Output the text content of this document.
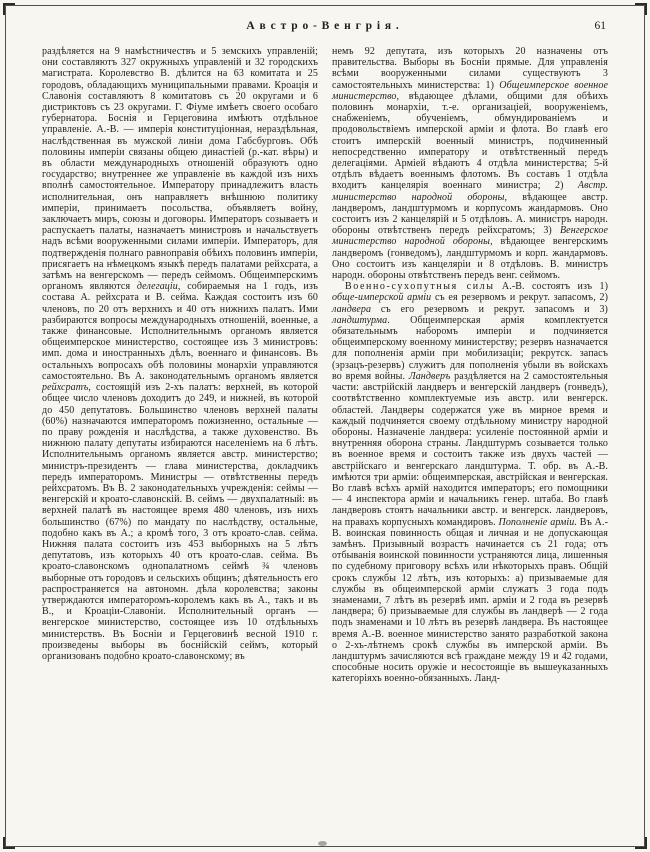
Австро-Венгрія.	61

раздѣляется на 9 намѣстничествъ и 5 земскихъ управленій; они составляютъ 327 окружныхъ управленій и 32 городскихъ магистрата. Королевство В. дѣлится на 63 комитата и 25 городовъ, обладающихъ муниципальными правами. Кроація и Славонія составляютъ 8 комитатовъ съ 20 округами и 6 дистриктовъ съ 23 округами. Г. Фіуме имѣетъ своего особаго губернатора. Боснія и Герцеговина имѣютъ отдѣльное управленіе. А.-В. — имперія конституціонная, нераздѣльная, наслѣдственная въ мужской линіи дома Габсбурговъ. Обѣ половины имперіи связаны общею династіей (р.-кат. вѣры) и въ области международныхъ отношеній образуютъ одно государство; внутреннее же управленіе въ каждой изъ нихъ вполнѣ самостоятельное. Императору принадлежитъ власть исполнительная, онъ направляетъ внѣшнюю политику имперіи, принимаетъ посольства, объявляетъ войну, заключаетъ миръ, союзы и договоры. Императоръ созываетъ и распускаетъ палаты, назначаетъ министровъ и начальствуетъ надъ всѣми вооруженными силами имперіи. Императоръ, для подтвержденія полнаго равноправія обѣихъ половинъ имперіи, присягаетъ на нѣмецкомъ языкѣ передъ палатами рейхсрата, а затѣмъ на венгерскомъ — передъ сеймомъ. Общеимперскимъ органомъ являются делегаціи, собираемыя на 1 годъ, изъ состава А. рейхсрата и В. сейма. Каждая состоитъ изъ 60 членовъ, по 20 отъ верхнихъ и 40 отъ нижнихъ палатъ. Ими разбираются вопросы международныхъ отношеній, военные, а также финансовые. Исполнительнымъ органомъ является общеимперское министерство, состоящее изъ 3 министровъ: имп. дома и иностранныхъ дѣлъ, военнаго и финансовъ. Въ остальныхъ вопросахъ обѣ половины монархіи управляются самостоятельно. Въ А. законодательнымъ органомъ является рейхсратъ, состоящій изъ 2-хъ палатъ: верхней, въ которой общее число членовъ доходитъ до 249, и нижней, въ которой до 450 депутатовъ. Большинство членовъ верхней палаты (60%) назначаются императоромъ пожизненно, остальные — по праву рожденія и наслѣдства, а также духовенство. Въ нижнюю палату депутаты избираются населеніемъ на 6 лѣтъ. Исполнительнымъ органомъ является австр. министерство; министръ-президентъ — глава министерства, докладчикъ передъ императоромъ. Министры — отвѣтственны передъ рейхсратомъ. Въ В. 2 законодательныхъ учрежденія: сеймы — венгерскій и кроато-славонскій. В. сеймъ — двухпалатный: въ верхней палатѣ въ настоящее время 480 членовъ, изъ нихъ большинство (67%) по мандату по наслѣдству, остальные, подобно какъ въ А.; а кромѣ того, 3 отъ кроато-слав. сейма. Нижняя палата состоитъ изъ 453 выборныхъ на 5 лѣтъ депутатовъ, изъ которыхъ 40 отъ кроато-слав. сейма. Въ кроато-славонскомъ однопалатномъ сеймѣ ¾ членовъ выборные отъ городовъ и сельскихъ общинъ; дѣятельность его распространяется на автономн. дѣла королевства; законы утверждаются императоромъ-королемъ какъ въ А., такъ и въ В., и Кроаціи-Славоніи. Исполнительный органъ — венгерское министерство, состоящее изъ 10 отдѣльныхъ министерствъ. Въ Босніи и Герцеговинѣ весной 1910 г. произведены выборы въ боснійскій сеймъ, который организованъ подобно кроато-славонскому; въ

немъ 92 депутата, изъ которыхъ 20 назначены отъ правительства. Выборы въ Босніи прямые. Для управленія всѣми вооруженными силами существуютъ 3 самостоятельныхъ министерства: 1) Общеимперское военное министерство, вѣдающее дѣлами, общими для обѣихъ половинъ монархіи, т.-е. организаціей, вооруженіемъ, снабженіемъ, обученіемъ, обмундированіемъ и продовольствіемъ имперской арміи и флота. Во главѣ его стоитъ имперскій военный министръ, подчиненный непосредственно императору и отвѣтственный передъ делегаціями. Арміей вѣдаютъ 4 отдѣла министерства; 5-й отдѣлъ вѣдаетъ военнымъ флотомъ. Въ составъ 1 отдѣла входитъ канцелярія военнаго министра; 2) Австр. министерство народной обороны, вѣдающее австр. ландверомъ, ландштурмомъ и корпусомъ жандармовъ. Оно состоитъ изъ 2 канцелярій и 5 отдѣловъ. А. министръ народн. обороны отвѣтственъ передъ рейхсратомъ; 3) Венгерское министерство народной обороны, вѣдающее венгерскимъ ландверомъ (гонведомъ), ландштурмомъ и корп. жандармовъ. Оно состоитъ изъ канцеляріи и 8 отдѣловъ. В. министръ народн. обороны отвѣтственъ передъ венг. сеймомъ.

Военно-сухопутныя силы А.-В. состоятъ изъ 1) обще-имперской арміи съ ея резервомъ и рекрут. запасомъ, 2) ландвера съ его резервомъ и рекрут. запасомъ и 3) ландштурма. Общеимперская армія комплектуется обязательнымъ наборомъ имперіи и подчиняется общеимперскому военному министерству; резервъ назначается для пополненія арміи при мобилизаціи; рекрутск. запасъ (эрзацъ-резервъ) служитъ для пополненія убыли въ войскахъ во время войны. Ландверъ раздѣляется на 2 самостоятельныя части: австрійскій ландверъ и венгерскій ландверъ (гонведъ), соотвѣтственно комплектуемые изъ австр. или венгерск. областей. Ландверы содержатся уже въ мирное время и каждый подчиняется своему отдѣльному министру народной обороны. Назначеніе ландвера: усиленіе постоянной арміи и внутренняя оборона страны. Ландштурмъ созывается только въ военное время и состоитъ также изъ двухъ частей — австрійскаго и венгерскаго ландштурма. Т. обр. въ А.-В. имѣются три арміи: общеимперская, австрійская и венгерская. Во главѣ всѣхъ армій находится императоръ; его помощники — 4 инспектора арміи и начальникъ генер. штаба. Во главѣ ландверовъ стоятъ начальники австр. и венгерск. ландверовъ, на правахъ корпусныхъ командировъ. Пополненіе арміи. Въ А.-В. воинская повинность общая и личная и не допускающая замѣнъ. Призывный возрастъ начинается съ 21 года; отъ отбыванія воинской повинности устраняются лица, лишенныя по судебному приговору всѣхъ или нѣкоторыхъ правъ. Общій срокъ службы 12 лѣтъ, изъ которыхъ: а) призываемые для службы въ общеимперской арміи служатъ 3 года подъ знаменами, 7 лѣтъ въ резервѣ имп. арміи и 2 года въ резервѣ ландвера; б) призываемые для службы въ ландверѣ — 2 года подъ знаменами и 10 лѣтъ въ резервѣ ландвера. Въ настоящее время А.-В. военное министерство занято разработкой закона о 2-хъ-лѣтнемъ срокѣ службы въ имперской арміи. Въ ландштурмъ зачисляются всѣ граждане между 19 и 42 годами, способные носить оружіе и несостоящіе въ вышеуказанныхъ категоріяхъ военно-обязанныхъ. Ланд-
